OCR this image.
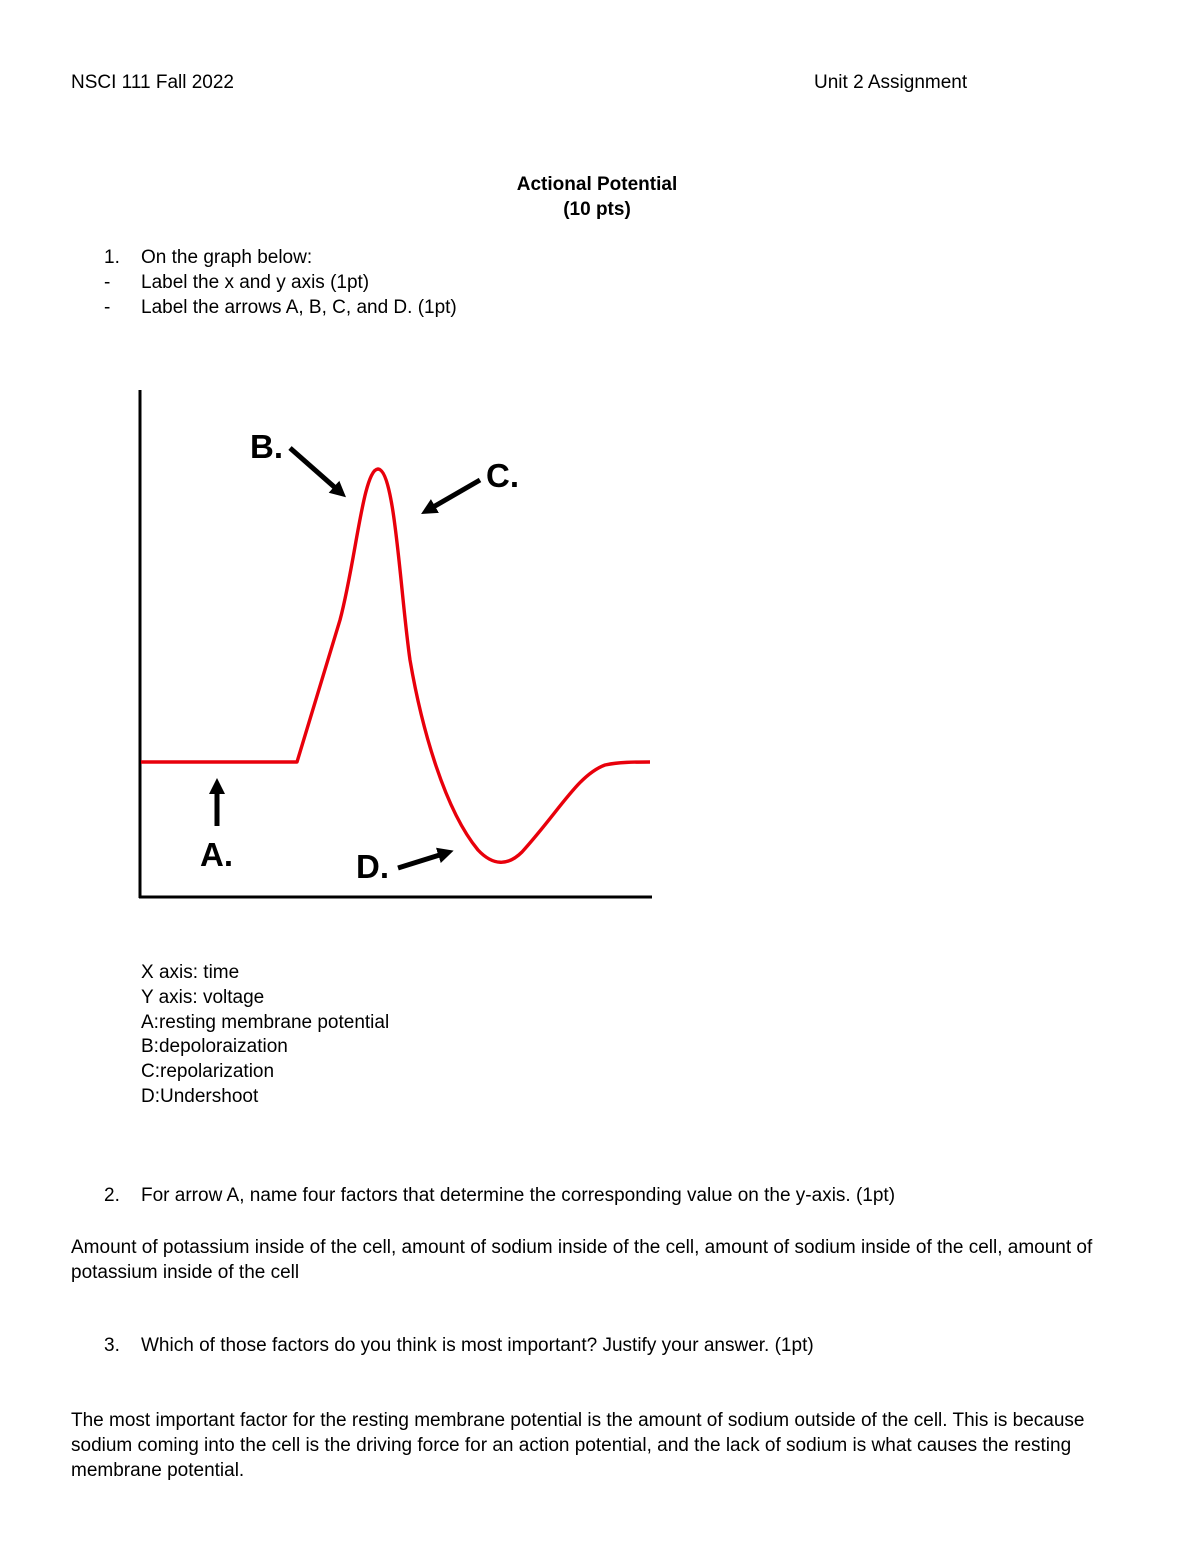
NSCI 111 Fall 2022	Unit 2 Assignment
Actional Potential
(10 pts)
1. On the graph below:
- Label the x and y axis (1pt)
- Label the arrows A, B, C, and D. (1pt)
A.
B.
C.
D.
X axis: time
Y axis: voltage
A:resting membrane potential
B:depoloraization
C:repolarization
D:Undershoot
2. For arrow A, name four factors that determine the corresponding value on the y-axis. (1pt)
Amount of potassium inside of the cell, amount of sodium inside of the cell, amount of sodium inside of the cell, amount of potassium inside of the cell
3. Which of those factors do you think is most important? Justify your answer. (1pt)
The most important factor for the resting membrane potential is the amount of sodium outside of the cell. This is because sodium coming into the cell is the driving force for an action potential, and the lack of sodium is what causes the resting membrane potential.
